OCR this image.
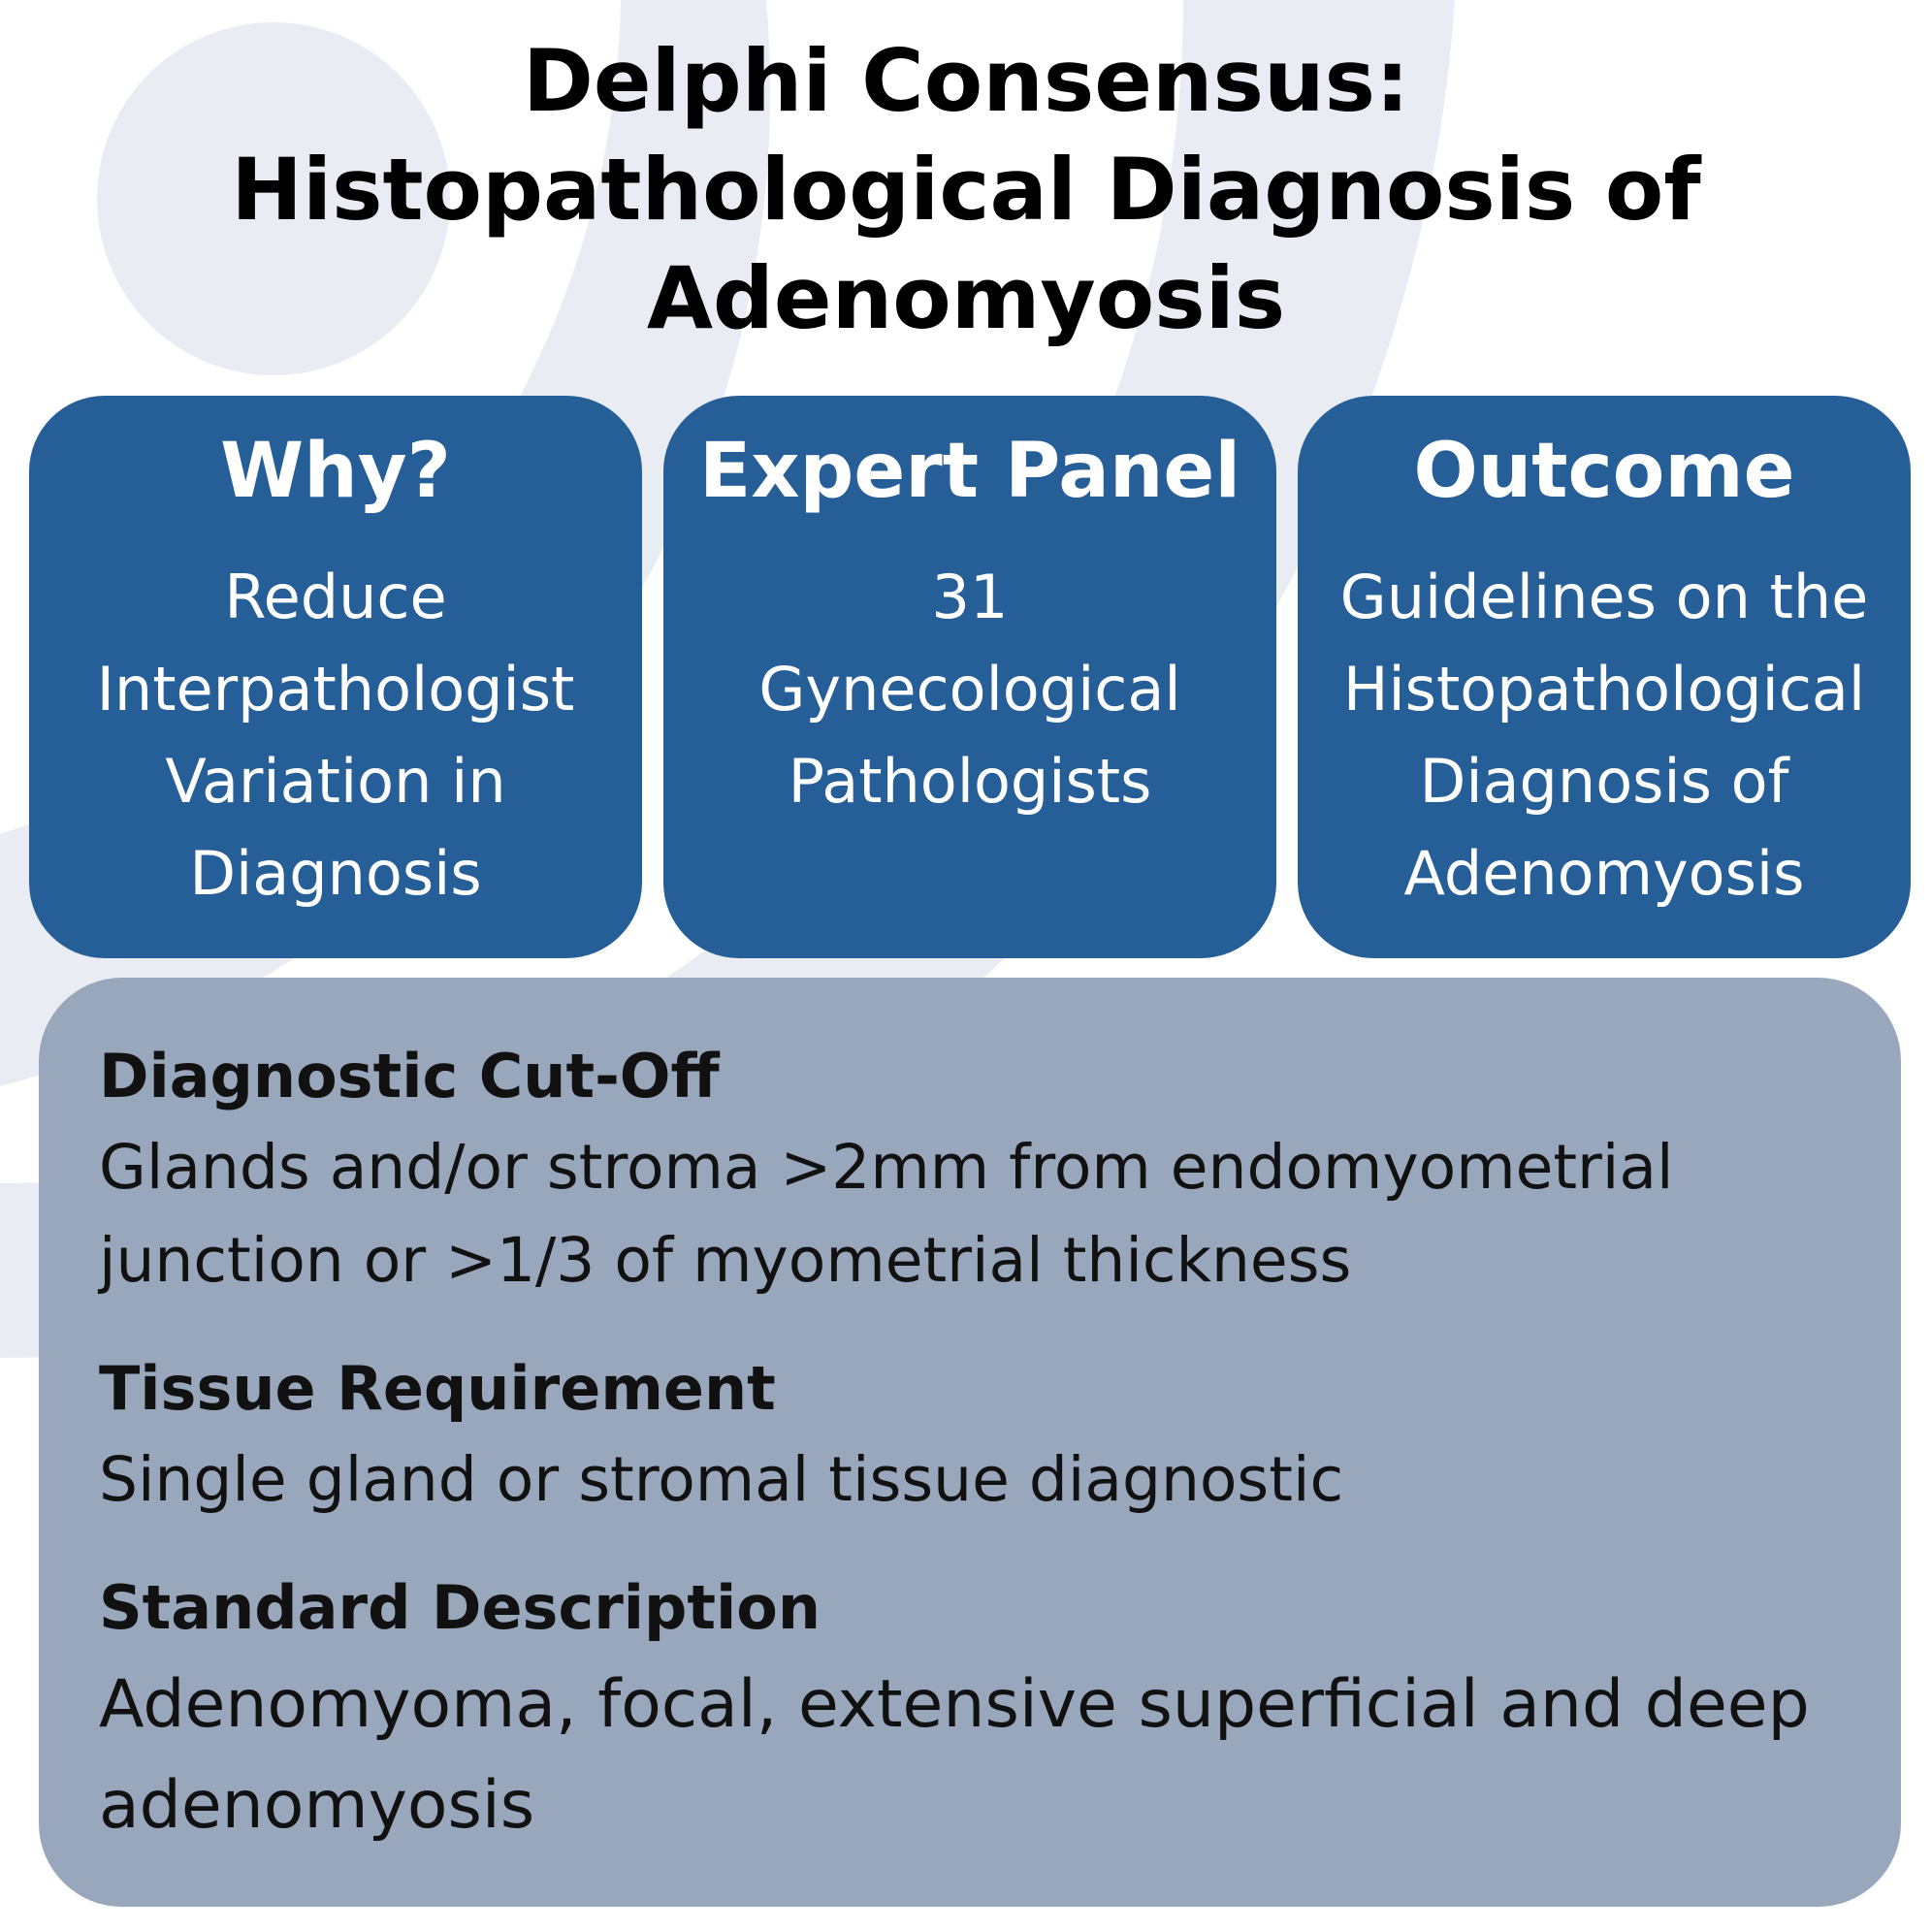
Delphi Consensus:
Histopathological Diagnosis of
Adenomyosis
Why?
Reduce
Interpathologist
Variation in
Diagnosis
Expert Panel
31
Gynecological
Pathologists
Outcome
Guidelines on the
Histopathological
Diagnosis of
Adenomyosis
Diagnostic Cut-Off
Glands and/or stroma >2mm from endomyometrial
junction or >1/3 of myometrial thickness
Tissue Requirement
Single gland or stromal tissue diagnostic
Standard Description
Adenomyoma, focal, extensive superficial and deep
adenomyosis
